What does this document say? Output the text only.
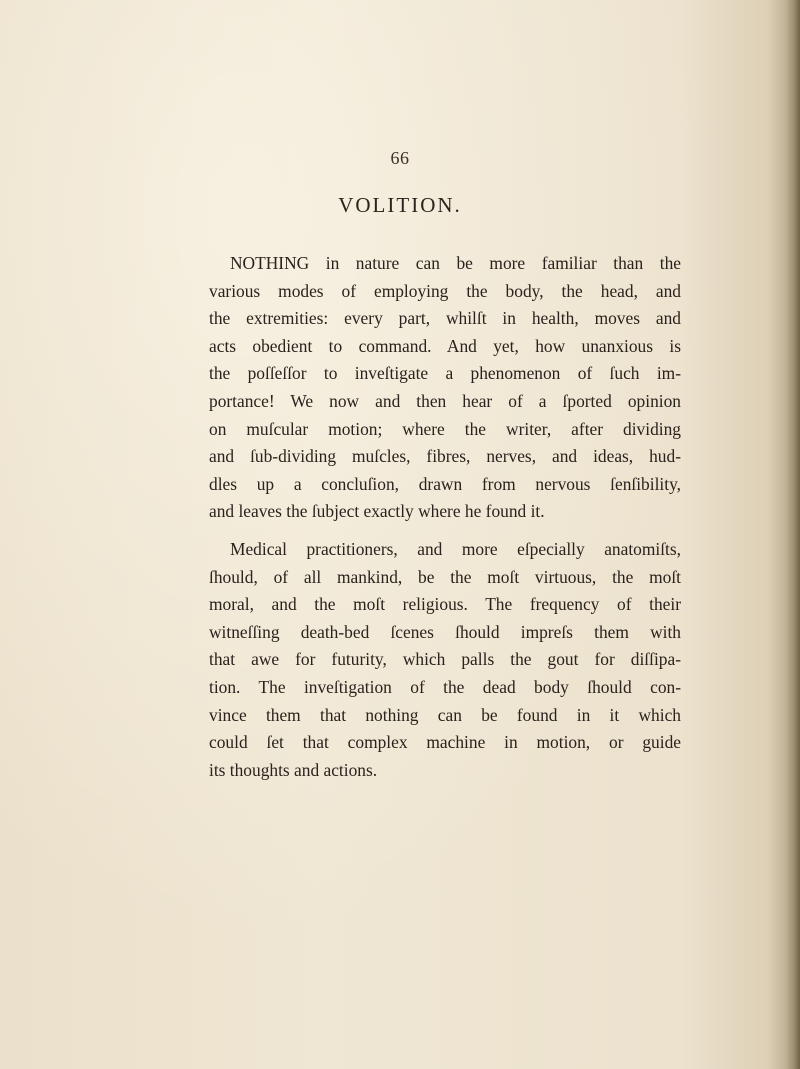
66
VOLITION.
NOTHING in nature can be more familiar than the
various modes of employing the body, the head, and
the extremities: every part, whilſt in health, moves and
acts obedient to command. And yet, how unanxious is
the poſſeſſor to inveſtigate a phenomenon of ſuch im-
portance! We now and then hear of a ſported opinion
on muſcular motion; where the writer, after dividing
and ſub-dividing muſcles, fibres, nerves, and ideas, hud-
dles up a concluſion, drawn from nervous ſenſibility,
and leaves the ſubject exactly where he found it.
Medical practitioners, and more eſpecially anatomiſts,
ſhould, of all mankind, be the moſt virtuous, the moſt
moral, and the moſt religious. The frequency of their
witneſſing death-bed ſcenes ſhould impreſs them with
that awe for futurity, which palls the gout for diſſipa-
tion. The inveſtigation of the dead body ſhould con-
vince them that nothing can be found in it which
could ſet that complex machine in motion, or guide
its thoughts and actions.
